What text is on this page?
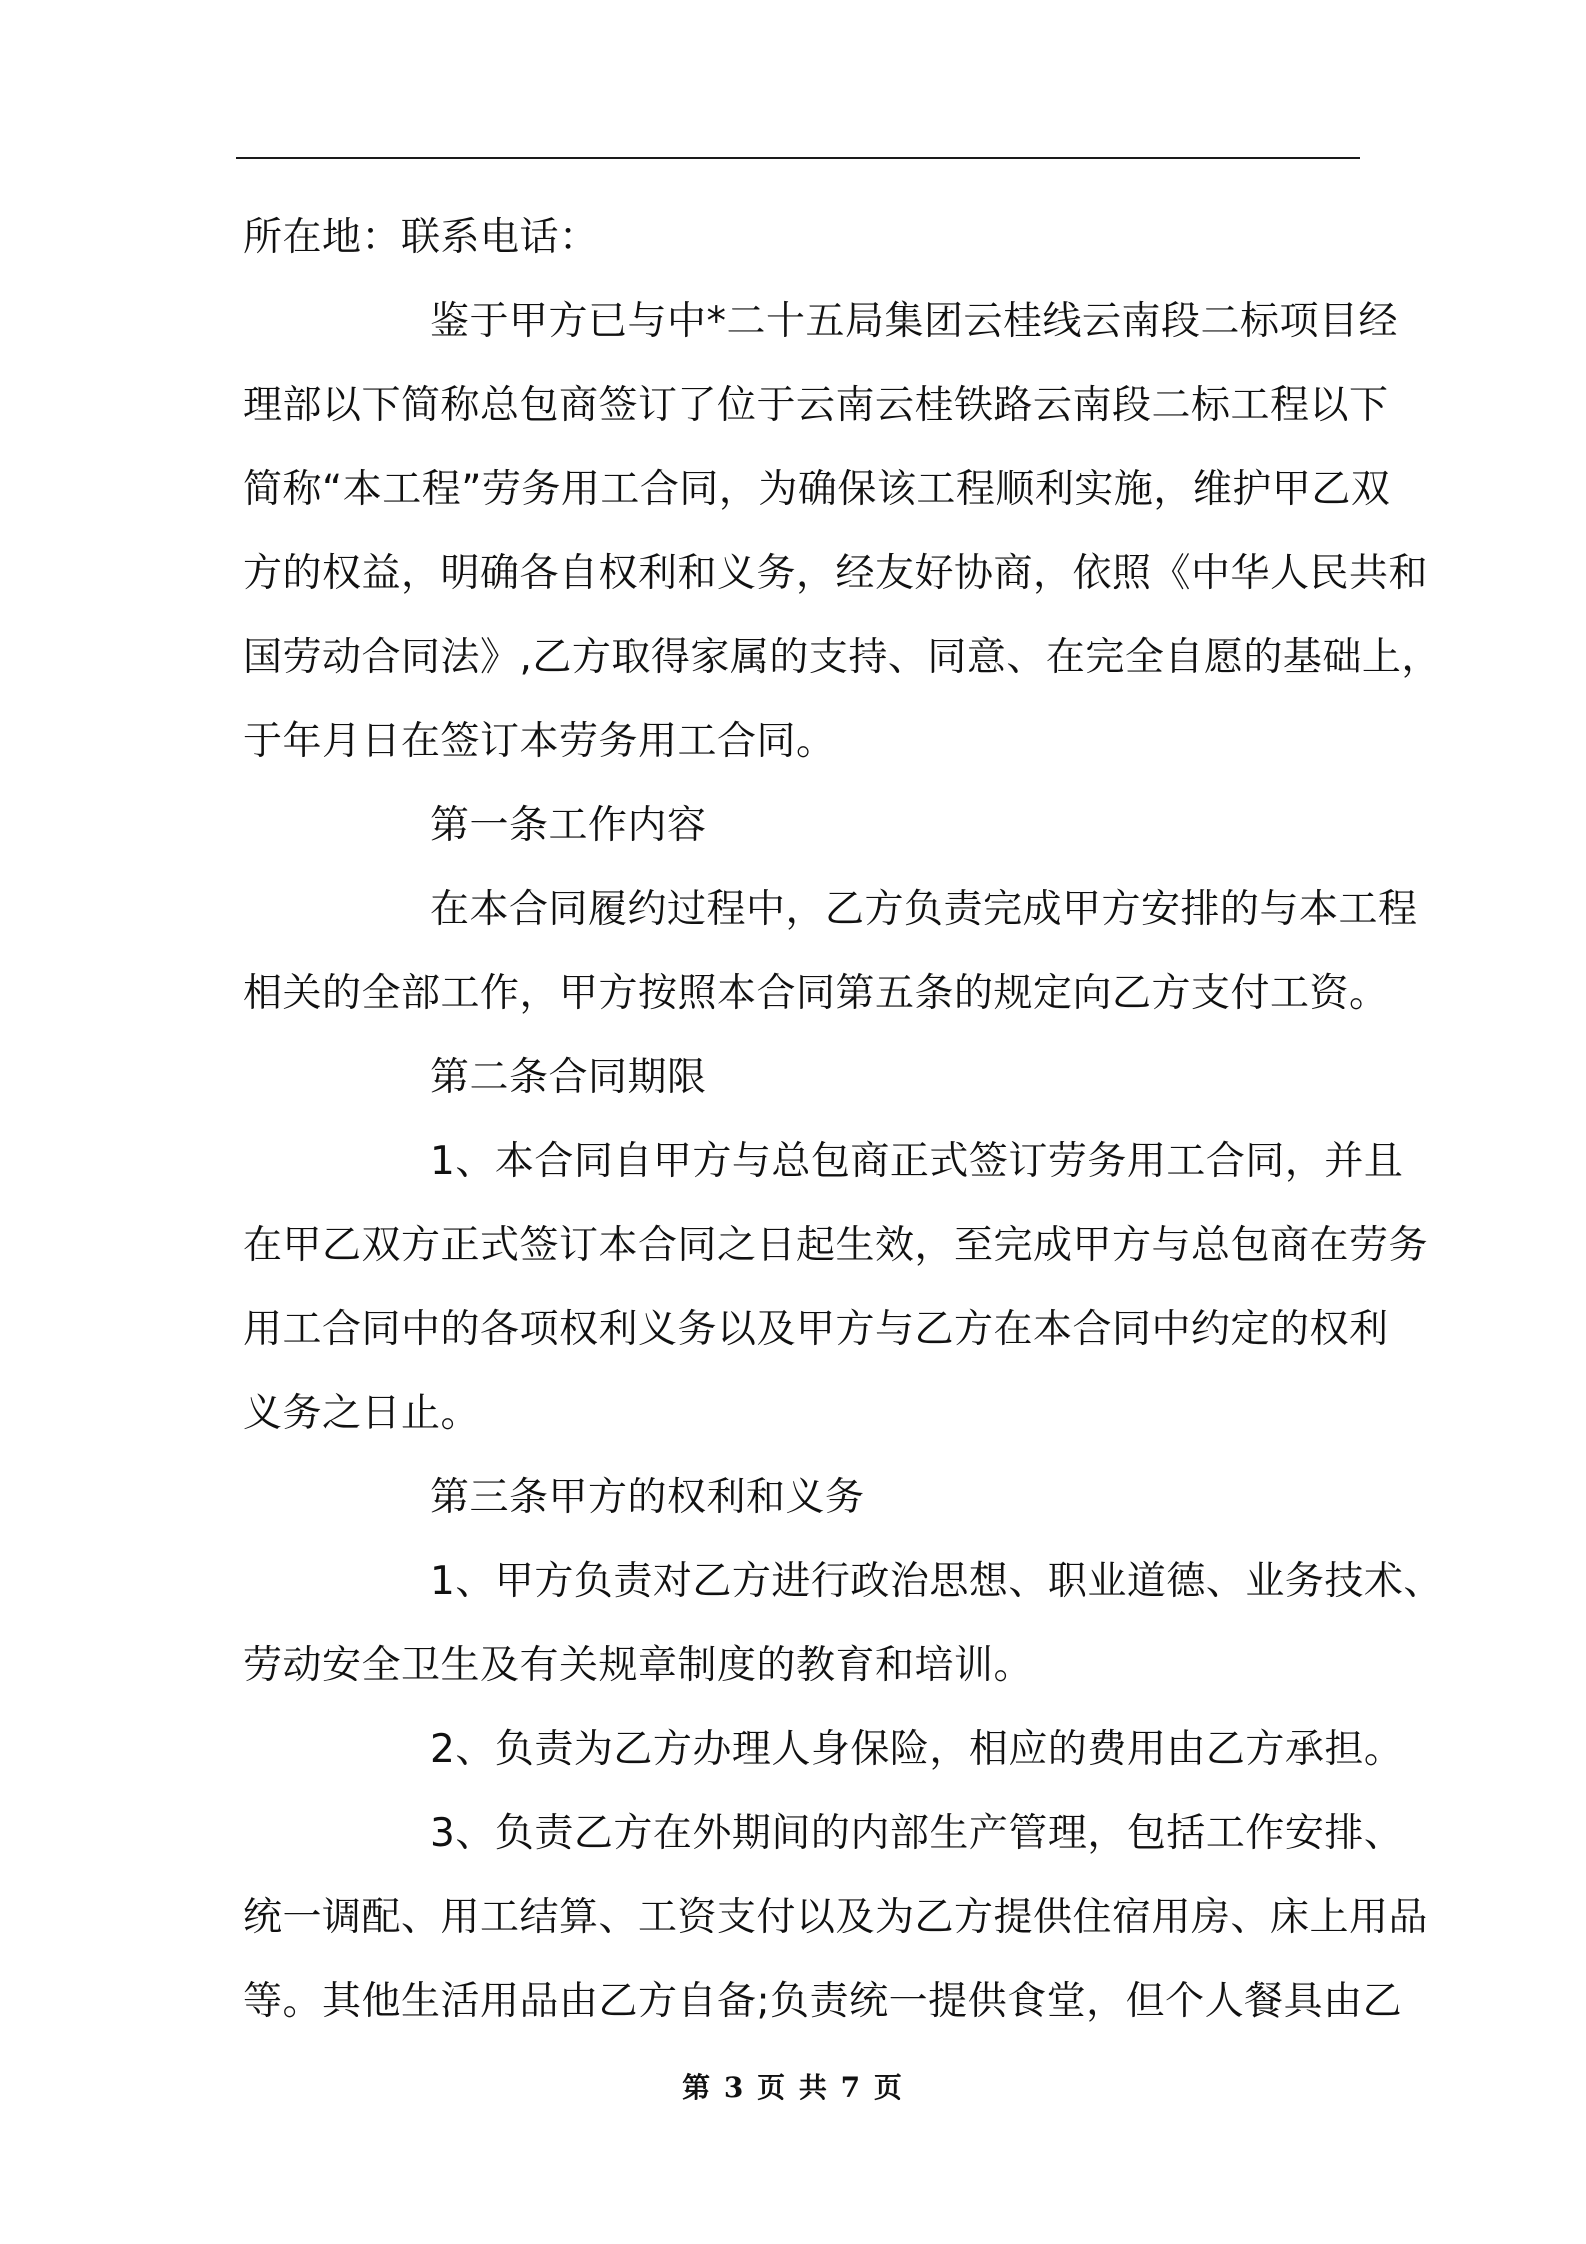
所在地：联系电话：
鉴于甲方已与中*二十五局集团云桂线云南段二标项目经
理部以下简称总包商签订了位于云南云桂铁路云南段二标工程以下
简称“本工程”劳务用工合同，为确保该工程顺利实施，维护甲乙双
方的权益，明确各自权利和义务，经友好协商，依照《中华人民共和
国劳动合同法》,乙方取得家属的支持、同意、在完全自愿的基础上，
于年月日在签订本劳务用工合同。
第一条工作内容
在本合同履约过程中，乙方负责完成甲方安排的与本工程
相关的全部工作，甲方按照本合同第五条的规定向乙方支付工资。
第二条合同期限
1、本合同自甲方与总包商正式签订劳务用工合同，并且
在甲乙双方正式签订本合同之日起生效，至完成甲方与总包商在劳务
用工合同中的各项权利义务以及甲方与乙方在本合同中约定的权利
义务之日止。
第三条甲方的权利和义务
1、甲方负责对乙方进行政治思想、职业道德、业务技术、
劳动安全卫生及有关规章制度的教育和培训。
2、负责为乙方办理人身保险，相应的费用由乙方承担。
3、负责乙方在外期间的内部生产管理，包括工作安排、
统一调配、用工结算、工资支付以及为乙方提供住宿用房、床上用品
等。其他生活用品由乙方自备;负责统一提供食堂，但个人餐具由乙
第 3 页 共 7 页
